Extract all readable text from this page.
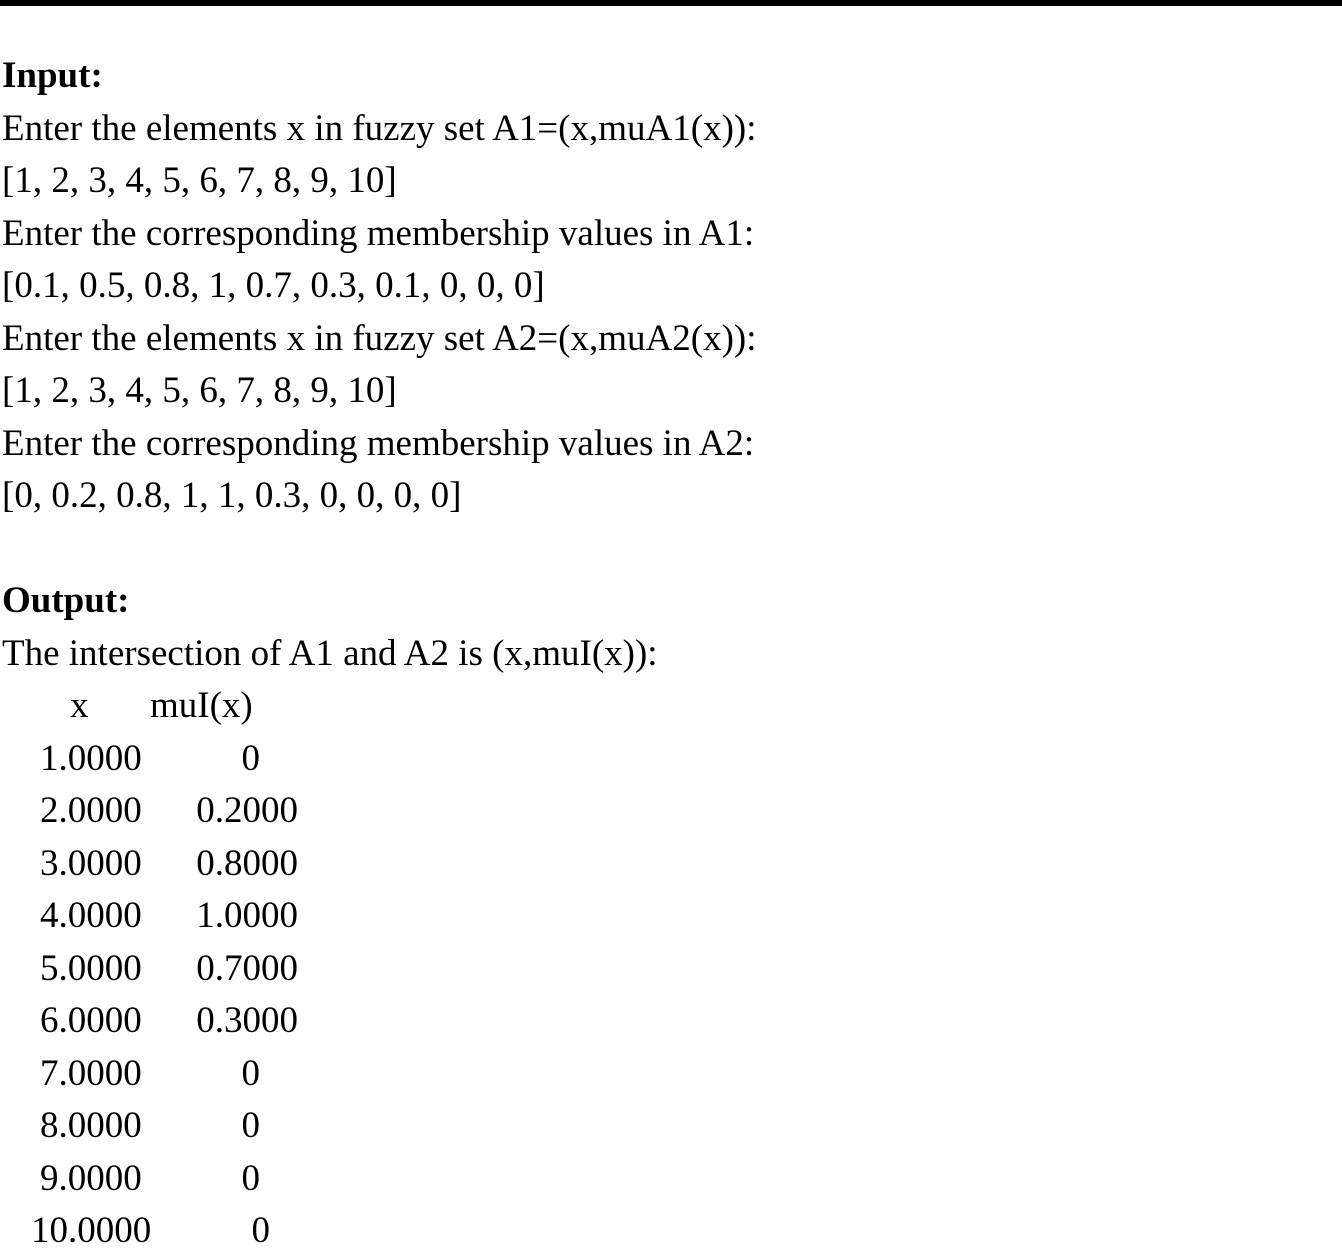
Input:
Enter the elements x in fuzzy set A1=(x,muA1(x)):
[1, 2, 3, 4, 5, 6, 7, 8, 9, 10]
Enter the corresponding membership values in A1:
[0.1, 0.5, 0.8, 1, 0.7, 0.3, 0.1, 0, 0, 0]
Enter the elements x in fuzzy set A2=(x,muA2(x)):
[1, 2, 3, 4, 5, 6, 7, 8, 9, 10]
Enter the corresponding membership values in A2:
[0, 0.2, 0.8, 1, 1, 0.3, 0, 0, 0, 0]
Output:
The intersection of A1 and A2 is (x,muI(x)):
x muI(x)
1.0000	0
2.0000	0.2000
3.0000	0.8000
4.0000	1.0000
5.0000	0.7000
6.0000	0.3000
7.0000	0
8.0000	0
9.0000	0
10.0000	0
